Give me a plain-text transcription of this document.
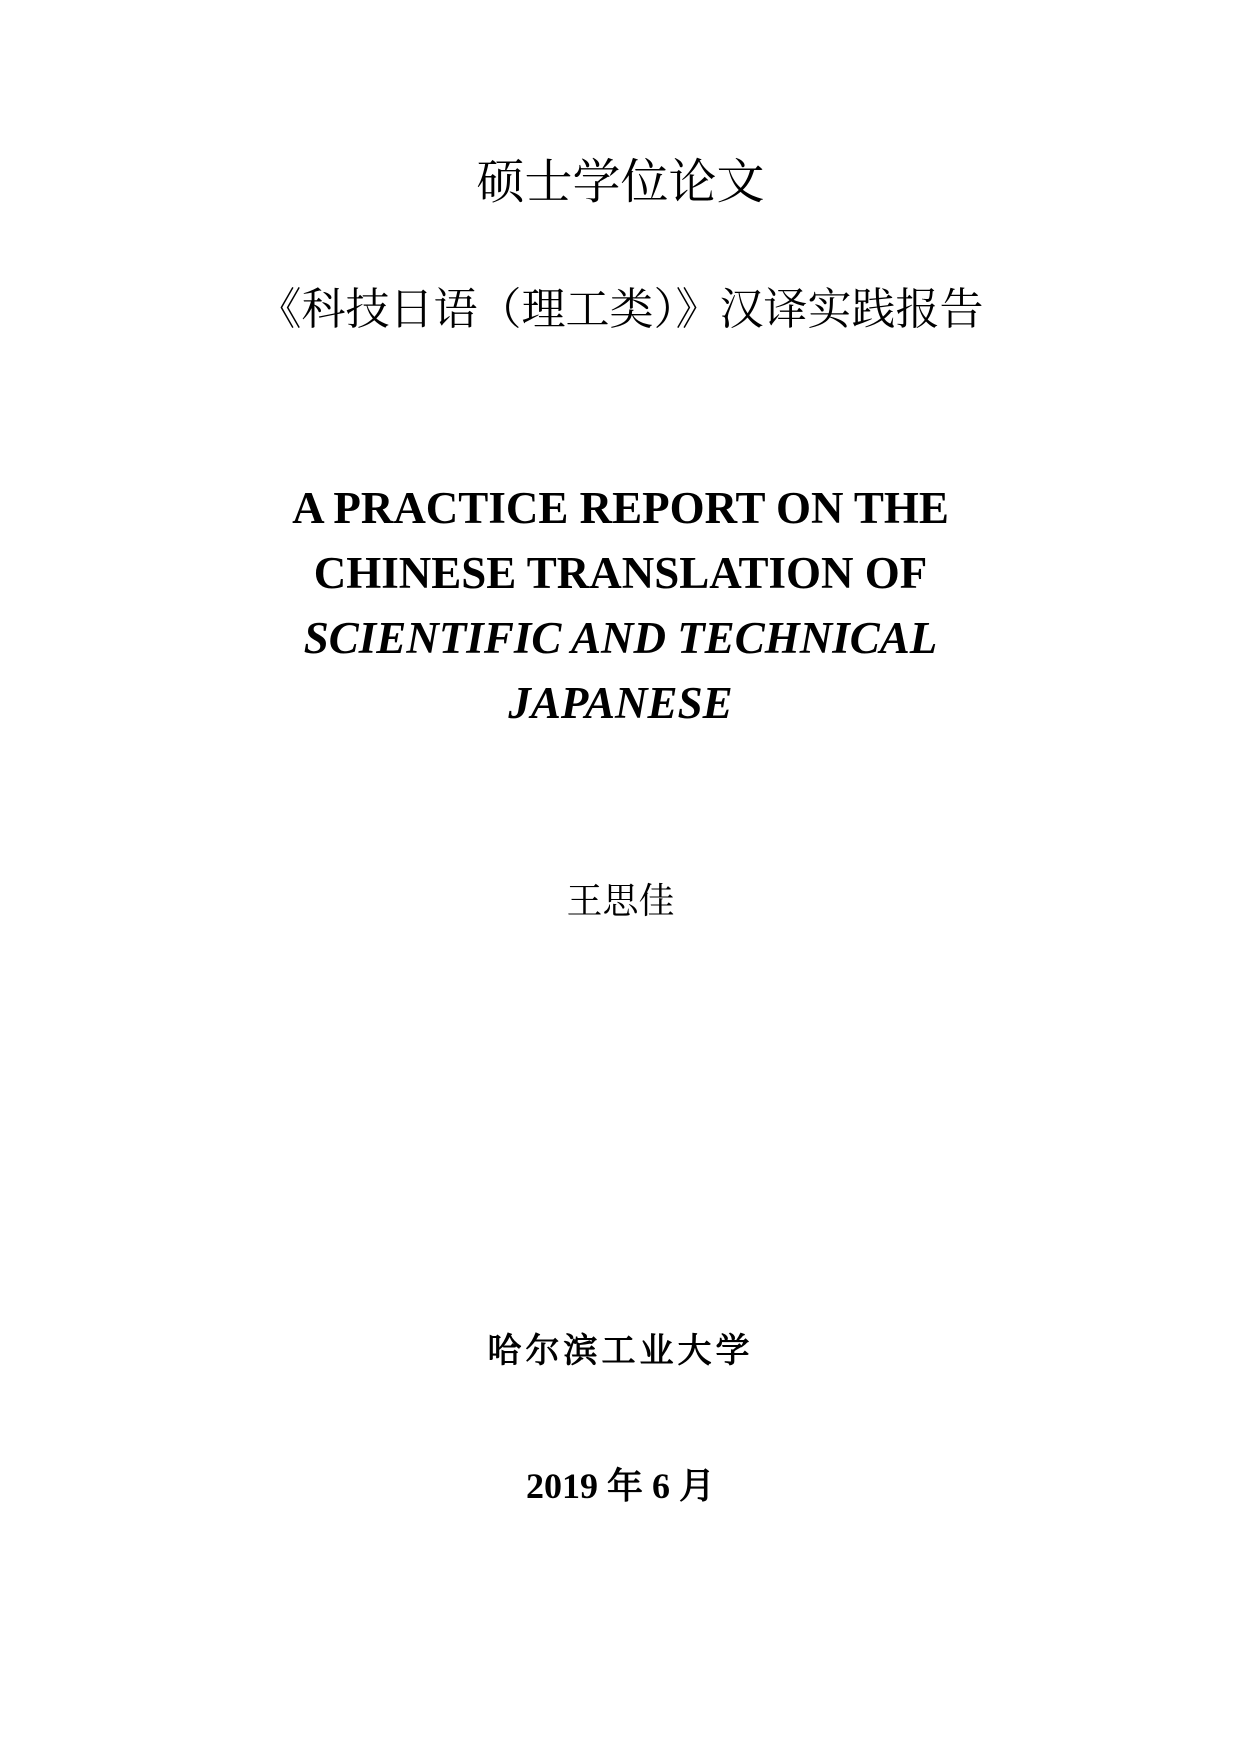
硕士学位论文
《科技日语（理工类）》汉译实践报告
A PRACTICE REPORT ON THE
CHINESE TRANSLATION OF
SCIENTIFIC AND TECHNICAL
JAPANESE
王思佳
哈尔滨工业大学
2019 年 6 月
